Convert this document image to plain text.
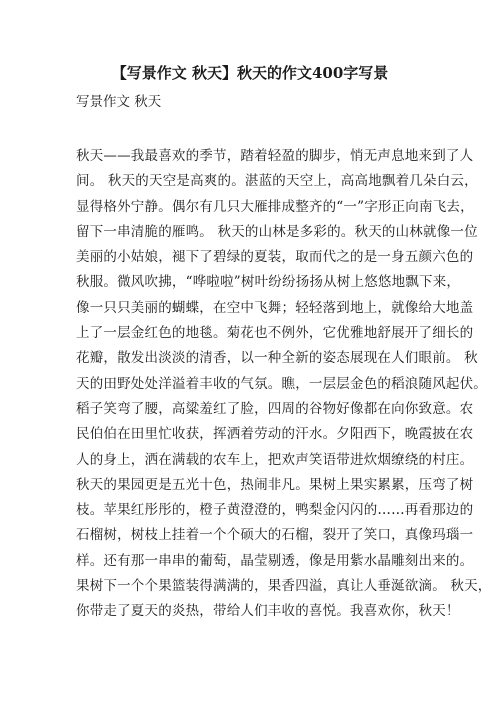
【写景作文 秋天】秋天的作文400字写景
写景作文 秋天
秋天——我最喜欢的季节，踏着轻盈的脚步，悄无声息地来到了人
间。 秋天的天空是高爽的。湛蓝的天空上，高高地飘着几朵白云，
显得格外宁静。偶尔有几只大雁排成整齐的“一”字形正向南飞去，
留下一串清脆的雁鸣。 秋天的山林是多彩的。秋天的山林就像一位
美丽的小姑娘，褪下了碧绿的夏装，取而代之的是一身五颜六色的
秋服。微风吹拂，“哗啦啦”树叶纷纷扬扬从树上悠悠地飘下来，
像一只只美丽的蝴蝶，在空中飞舞；轻轻落到地上，就像给大地盖
上了一层金红色的地毯。菊花也不例外，它优雅地舒展开了细长的
花瓣，散发出淡淡的清香，以一种全新的姿态展现在人们眼前。 秋
天的田野处处洋溢着丰收的气氛。瞧，一层层金色的稻浪随风起伏。
稻子笑弯了腰，高粱羞红了脸，四周的谷物好像都在向你致意。农
民伯伯在田里忙收获，挥洒着劳动的汗水。夕阳西下，晚霞披在农
人的身上，洒在满载的农车上，把欢声笑语带进炊烟缭绕的村庄。
秋天的果园更是五光十色，热闹非凡。果树上果实累累，压弯了树
枝。苹果红彤彤的，橙子黄澄澄的，鸭梨金闪闪的……再看那边的
石榴树，树枝上挂着一个个硕大的石榴，裂开了笑口，真像玛瑙一
样。还有那一串串的葡萄，晶莹剔透，像是用紫水晶雕刻出来的。
果树下一个个果篮装得满满的，果香四溢，真让人垂涎欲滴。 秋天，
你带走了夏天的炎热，带给人们丰收的喜悦。我喜欢你，秋天！
